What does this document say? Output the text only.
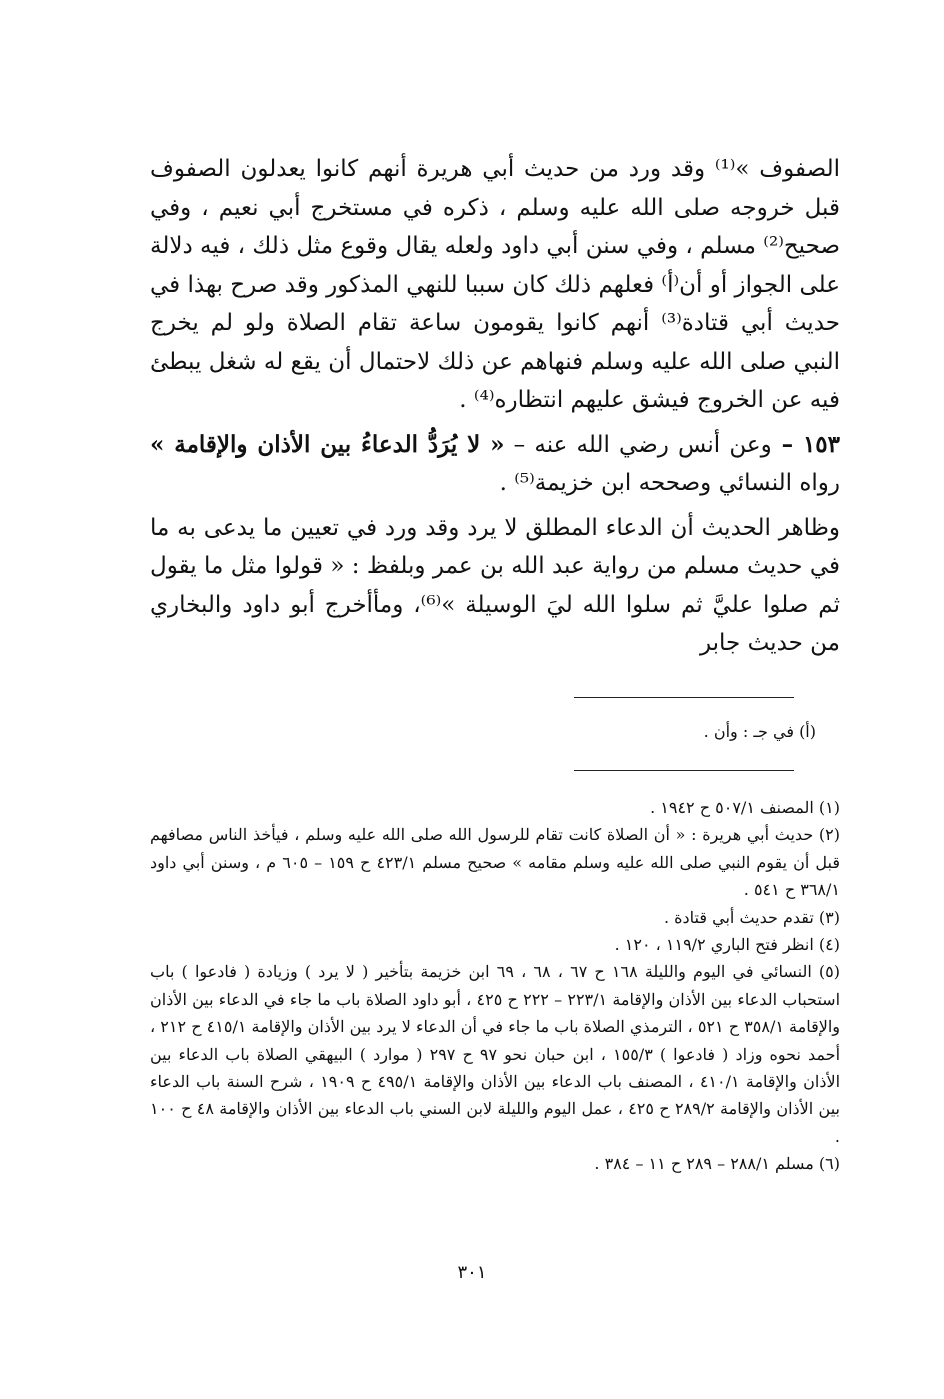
الصفوف »⁽¹⁾ وقد ورد من حديث أبي هريرة أنهم كانوا يعدلون الصفوف قبل خروجه صلى الله عليه وسلم ، ذكره في مستخرج أبي نعيم ، وفي صحيح⁽²⁾ مسلم ، وفي سنن أبي داود ولعله يقال وقوع مثل ذلك ، فيه دلالة على الجواز أو أن⁽أ⁾ فعلهم ذلك كان سببا للنهي المذكور وقد صرح بهذا في حديث أبي قتادة⁽³⁾ أنهم كانوا يقومون ساعة تقام الصلاة ولو لم يخرج النبي صلى الله عليه وسلم فنهاهم عن ذلك لاحتمال أن يقع له شغل يبطئ فيه عن الخروج فيشق عليهم انتظاره⁽⁴⁾ .

١٥٣ – وعن أنس رضي الله عنه – « لا يُرَدُّ الدعاءُ بين الأذان والإقامة » رواه النسائي وصححه ابن خزيمة⁽⁵⁾ .

وظاهر الحديث أن الدعاء المطلق لا يرد وقد ورد في تعيين ما يدعى به ما في حديث مسلم من رواية عبد الله بن عمر وبلفظ : « قولوا مثل ما يقول ثم صلوا عليَّ ثم سلوا الله ليَ الوسيلة »⁽⁶⁾، ومأأخرج أبو داود والبخاري من حديث جابر

(أ) في جـ : وأن .

(١) المصنف ٥٠٧/١ ح ١٩٤٢ .

(٢) حديث أبي هريرة : « أن الصلاة كانت تقام للرسول الله صلى الله عليه وسلم ، فيأخذ الناس مصافهم قبل أن يقوم النبي صلى الله عليه وسلم مقامه » صحيح مسلم ٤٢٣/١ ح ١٥٩ – ٦٠٥ م ، وسنن أبي داود ٣٦٨/١ ح ٥٤١ .

(٣) تقدم حديث أبي قتادة .

(٤) انظر فتح الباري ١١٩/٢ ، ١٢٠ .

(٥) النسائي في اليوم والليلة ١٦٨ ح ٦٧ ، ٦٨ ، ٦٩ ابن خزيمة بتأخير ( لا يرد ) وزيادة ( فادعوا ) باب استحباب الدعاء بين الأذان والإقامة ٢٢٣/١ – ٢٢٢ ح ٤٢٥ ، أبو داود الصلاة باب ما جاء في الدعاء بين الأذان والإقامة ٣٥٨/١ ح ٥٢١ ، الترمذي الصلاة باب ما جاء في أن الدعاء لا يرد بين الأذان والإقامة ٤١٥/١ ح ٢١٢ ، أحمد نحوه وزاد ( فادعوا ) ١٥٥/٣ ، ابن حبان نحو ٩٧ ح ٢٩٧ ( موارد ) البيهقي الصلاة باب الدعاء بين الأذان والإقامة ٤١٠/١ ، المصنف باب الدعاء بين الأذان والإقامة ٤٩٥/١ ح ١٩٠٩ ، شرح السنة باب الدعاء بين الأذان والإقامة ٢٨٩/٢ ح ٤٢٥ ، عمل اليوم والليلة لابن السني باب الدعاء بين الأذان والإقامة ٤٨ ح ١٠٠ .

(٦) مسلم ٢٨٨/١ – ٢٨٩ ح ١١ – ٣٨٤ .

٣٠١
